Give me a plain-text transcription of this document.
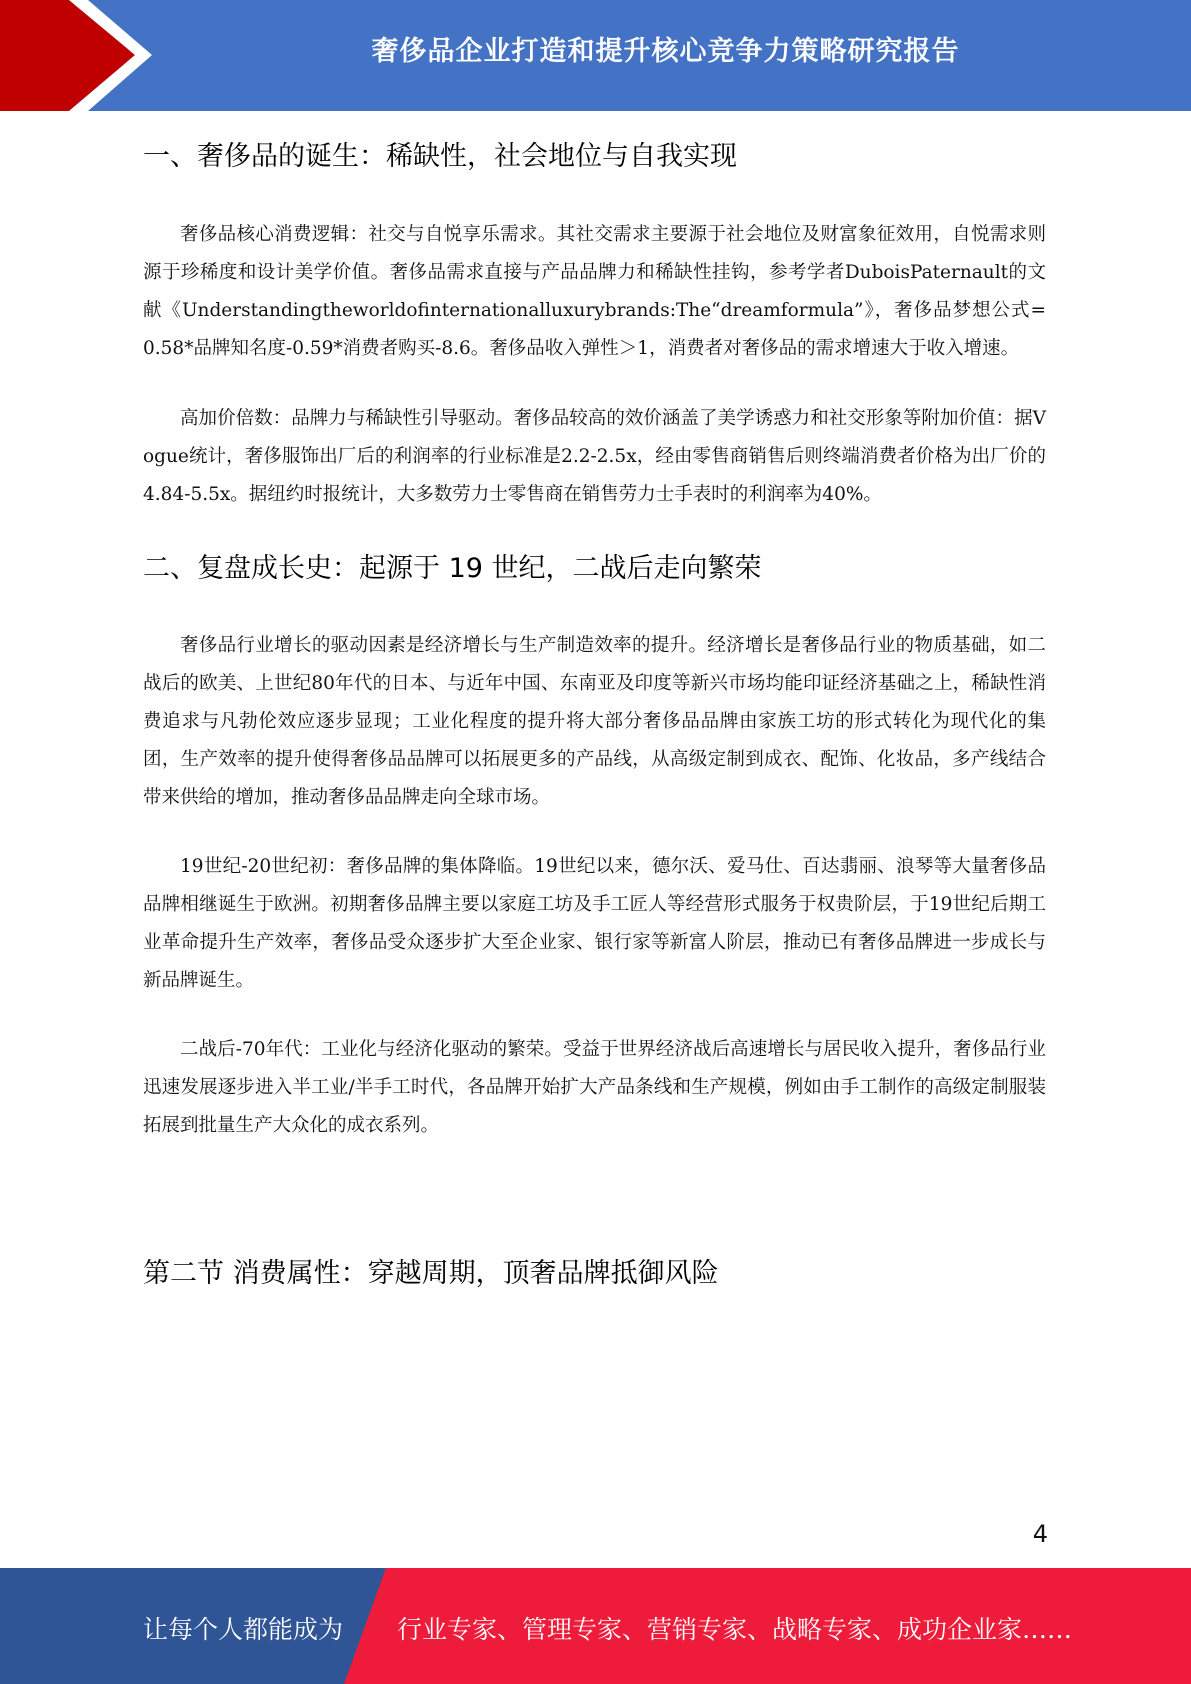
奢侈品企业打造和提升核心竞争力策略研究报告
一、奢侈品的诞生：稀缺性，社会地位与自我实现

奢侈品核心消费逻辑：社交与自悦享乐需求。其社交需求主要源于社会地位及财富象征效用，自悦需求则源于珍稀度和设计美学价值。奢侈品需求直接与产品品牌力和稀缺性挂钩，参考学者DuboisPaternault的文献《Understandingtheworldofinternationalluxurybrands:The“dreamformula”》，奢侈品梦想公式=0.58*品牌知名度-0.59*消费者购买-8.6。奢侈品收入弹性＞1，消费者对奢侈品的需求增速大于收入增速。

高加价倍数：品牌力与稀缺性引导驱动。奢侈品较高的效价涵盖了美学诱惑力和社交形象等附加价值：据Vogue统计，奢侈服饰出厂后的利润率的行业标准是2.2-2.5x，经由零售商销售后则终端消费者价格为出厂价的4.84-5.5x。据纽约时报统计，大多数劳力士零售商在销售劳力士手表时的利润率为40%。

二、复盘成长史：起源于 19 世纪，二战后走向繁荣

奢侈品行业增长的驱动因素是经济增长与生产制造效率的提升。经济增长是奢侈品行业的物质基础，如二战后的欧美、上世纪80年代的日本、与近年中国、东南亚及印度等新兴市场均能印证经济基础之上，稀缺性消费追求与凡勃伦效应逐步显现；工业化程度的提升将大部分奢侈品品牌由家族工坊的形式转化为现代化的集团，生产效率的提升使得奢侈品品牌可以拓展更多的产品线，从高级定制到成衣、配饰、化妆品，多产线结合带来供给的增加，推动奢侈品品牌走向全球市场。

19世纪-20世纪初：奢侈品牌的集体降临。19世纪以来，德尔沃、爱马仕、百达翡丽、浪琴等大量奢侈品品牌相继诞生于欧洲。初期奢侈品牌主要以家庭工坊及手工匠人等经营形式服务于权贵阶层，于19世纪后期工业革命提升生产效率，奢侈品受众逐步扩大至企业家、银行家等新富人阶层，推动已有奢侈品牌进一步成长与新品牌诞生。

二战后-70年代：工业化与经济化驱动的繁荣。受益于世界经济战后高速增长与居民收入提升，奢侈品行业迅速发展逐步进入半工业/半手工时代，各品牌开始扩大产品条线和生产规模，例如由手工制作的高级定制服装拓展到批量生产大众化的成衣系列。

第二节 消费属性：穿越周期，顶奢品牌抵御风险
4
让每个人都能成为 行业专家、管理专家、营销专家、战略专家、成功企业家……
